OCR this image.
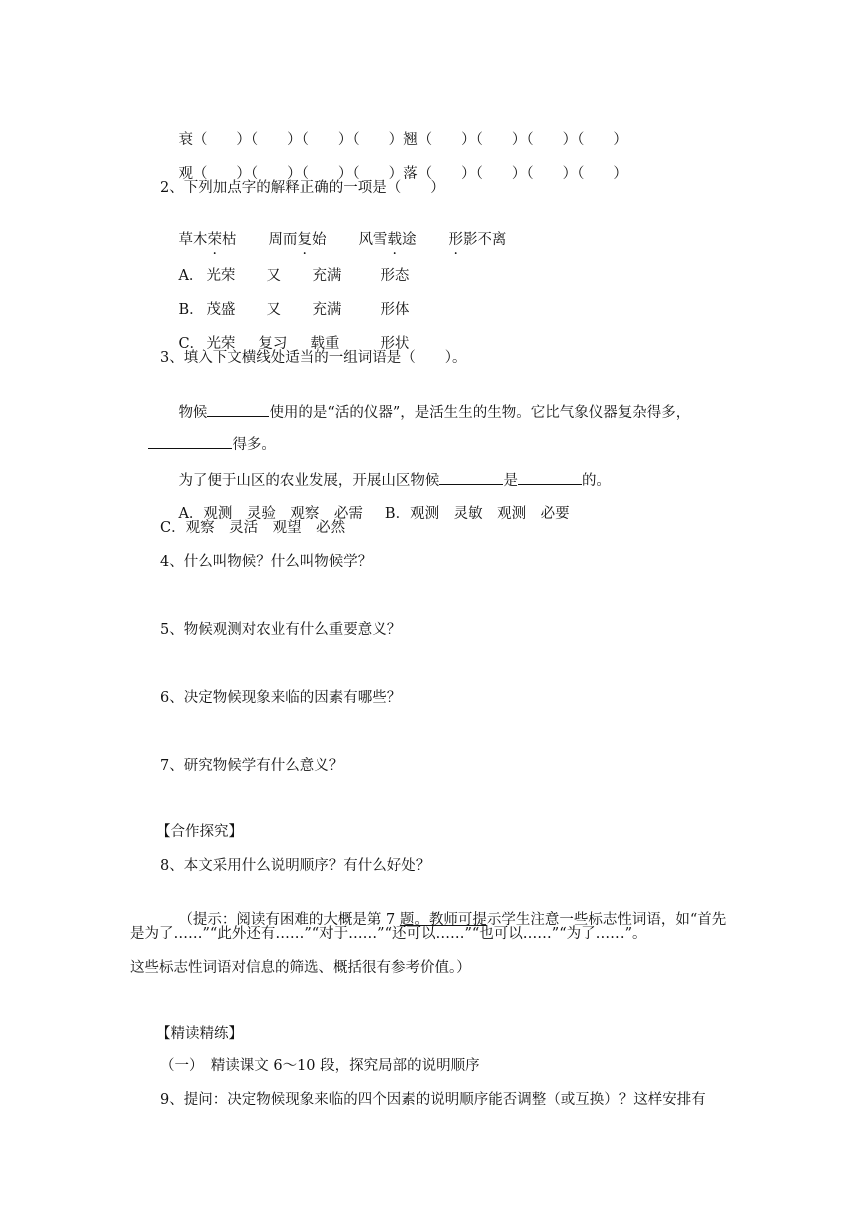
衰（　　）（　　）（　　）（　　）翘（　　）（　　）（　　）（　　）

观（　　）（　　）（　　）（　　）落（　　）（　　）（　　）（　　）

2、下列加点字的解释正确的一项是（　　）

草木荣枯 周而复始 风雪载途 形影不离

A． 光荣 又 充满	形态

B． 茂盛 又 充满	形体

C． 光荣 复习 载重	形状

3、填入下文横线处适当的一组词语是（　　）。

物候	使用的是“活的仪器”，是活生生的生物。它比气象仪器复杂得多，

得多。

为了便于山区的农业发展，开展山区物候	是	的。

A．观测　灵验　观察　必需 B．观测　灵敏　观测　必要

C．观察　灵活　观望　必然
4、什么叫物候？什么叫物候学？
5、物候观测对农业有什么重要意义？
6、决定物候现象来临的因素有哪些？
7、研究物候学有什么意义？
【合作探究】
8、本文采用什么说明顺序？有什么好处？

（提示：阅读有困难的大概是第 7 题。教师可提示学生注意一些标志性词语，如“首先

是为了……”“此外还有……”“对于……”“还可以……”“也可以……”“为了……”。
这些标志性词语对信息的筛选、概括很有参考价值。）
【精读精练】
（一）　精读课文 6～10 段，探究局部的说明顺序
9、提问：决定物候现象来临的四个因素的说明顺序能否调整（或互换）？这样安排有
